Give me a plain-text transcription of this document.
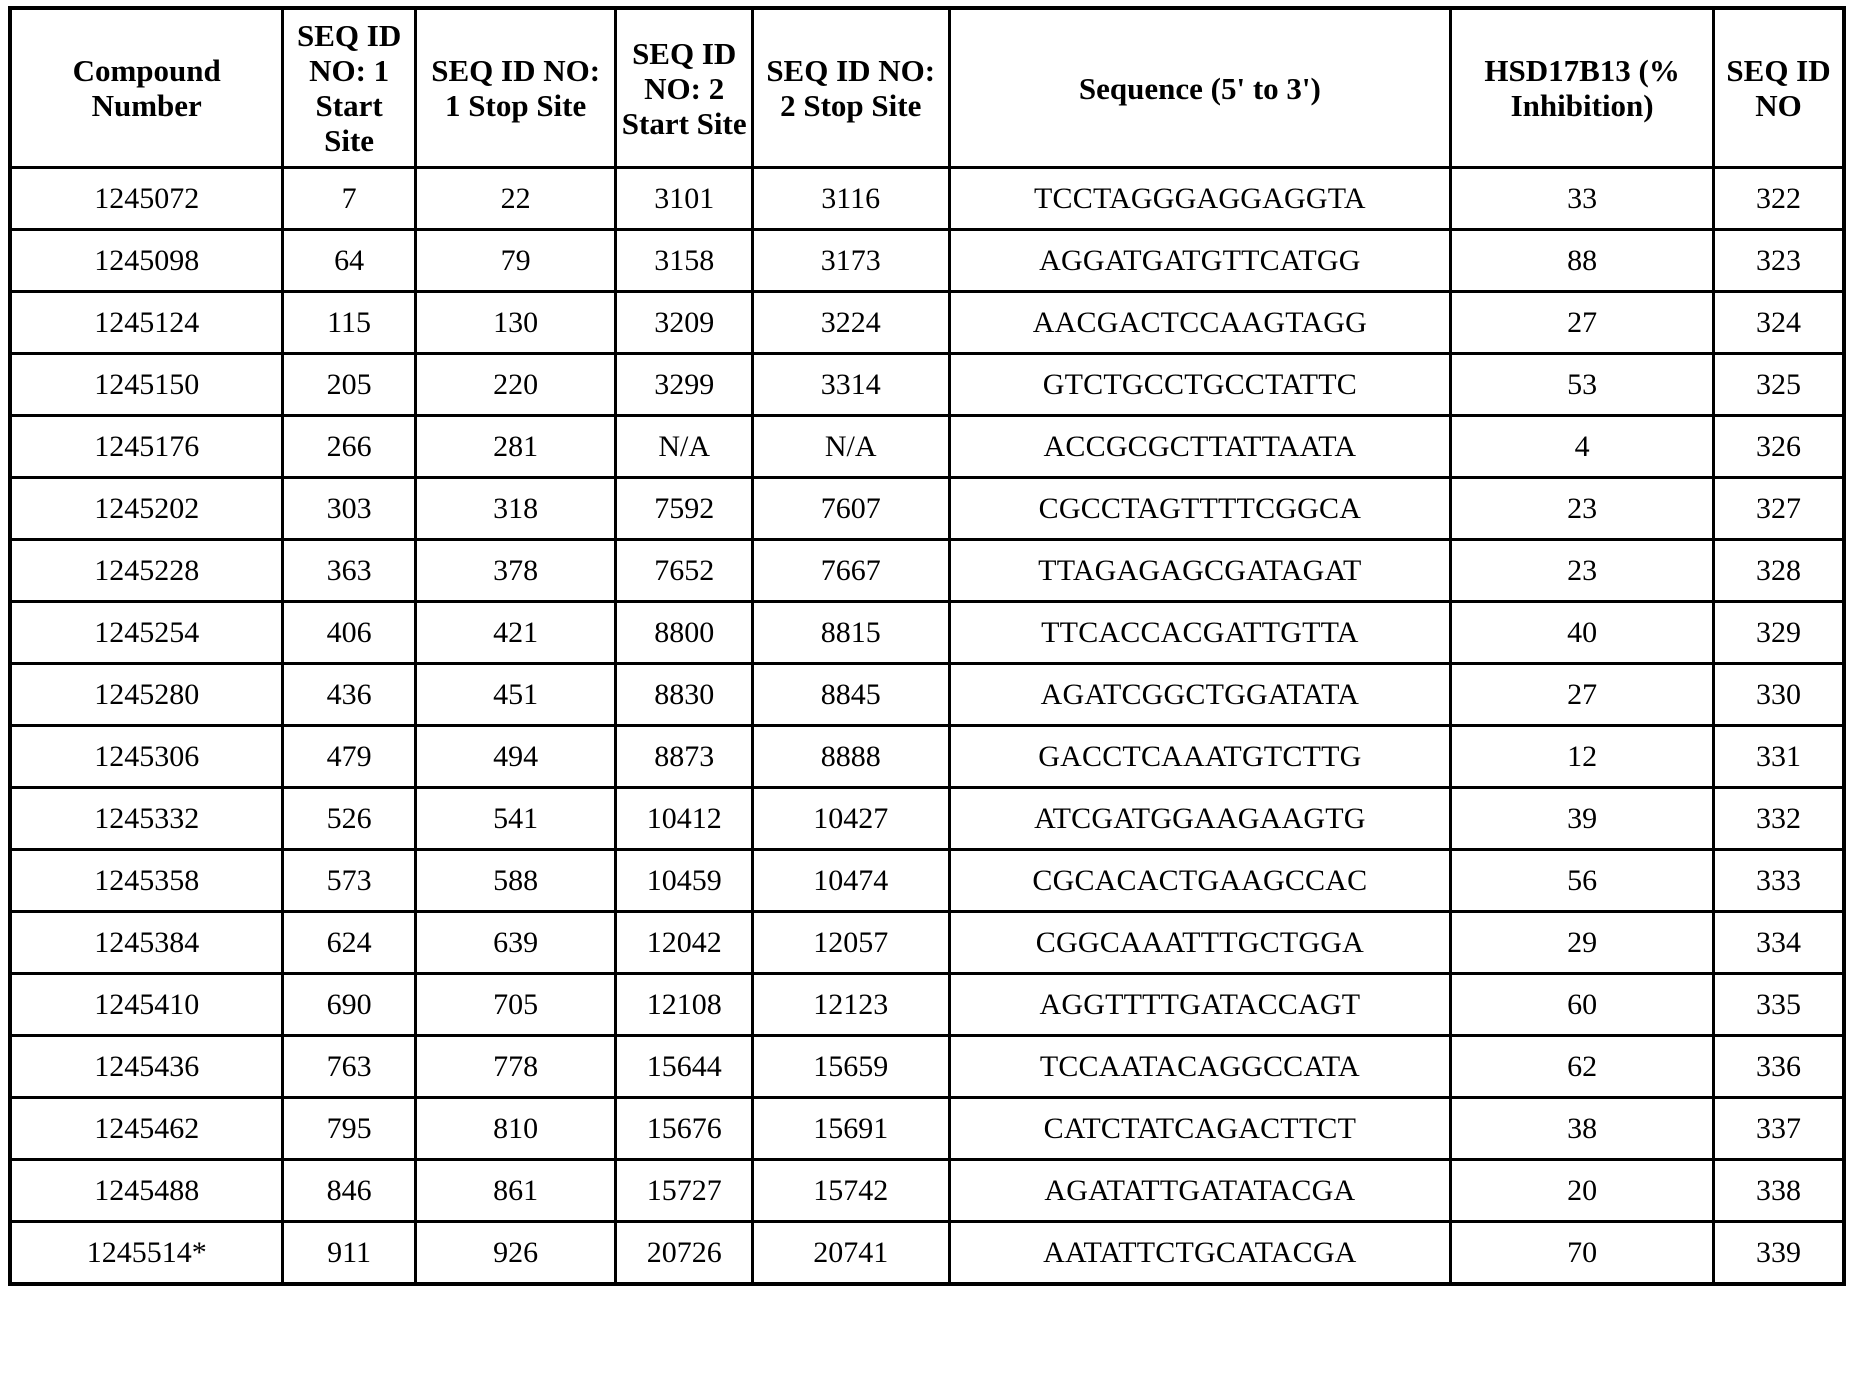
Compound Number	SEQ ID NO: 1 Start Site	SEQ ID NO: 1 Stop Site	SEQ ID NO: 2 Start Site	SEQ ID NO: 2 Stop Site	Sequence (5' to 3')	HSD17B13 (% Inhibition)	SEQ ID NO
1245072	7	22	3101	3116	TCCTAGGGAGGAGGTA	33	322
1245098	64	79	3158	3173	AGGATGATGTTCATGG	88	323
1245124	115	130	3209	3224	AACGACTCCAAGTAGG	27	324
1245150	205	220	3299	3314	GTCTGCCTGCCTATTC	53	325
1245176	266	281	N/A	N/A	ACCGCGCTTATTAATA	4	326
1245202	303	318	7592	7607	CGCCTAGTTTTCGGCA	23	327
1245228	363	378	7652	7667	TTAGAGAGCGATAGAT	23	328
1245254	406	421	8800	8815	TTCACCACGATTGTTA	40	329
1245280	436	451	8830	8845	AGATCGGCTGGATATA	27	330
1245306	479	494	8873	8888	GACCTCAAATGTCTTG	12	331
1245332	526	541	10412	10427	ATCGATGGAAGAAGTG	39	332
1245358	573	588	10459	10474	CGCACACTGAAGCCAC	56	333
1245384	624	639	12042	12057	CGGCAAATTTGCTGGA	29	334
1245410	690	705	12108	12123	AGGTTTTGATACCAGT	60	335
1245436	763	778	15644	15659	TCCAATACAGGCCATA	62	336
1245462	795	810	15676	15691	CATCTATCAGACTTCT	38	337
1245488	846	861	15727	15742	AGATATTGATATACGA	20	338
1245514*	911	926	20726	20741	AATATTCTGCATACGA	70	339
